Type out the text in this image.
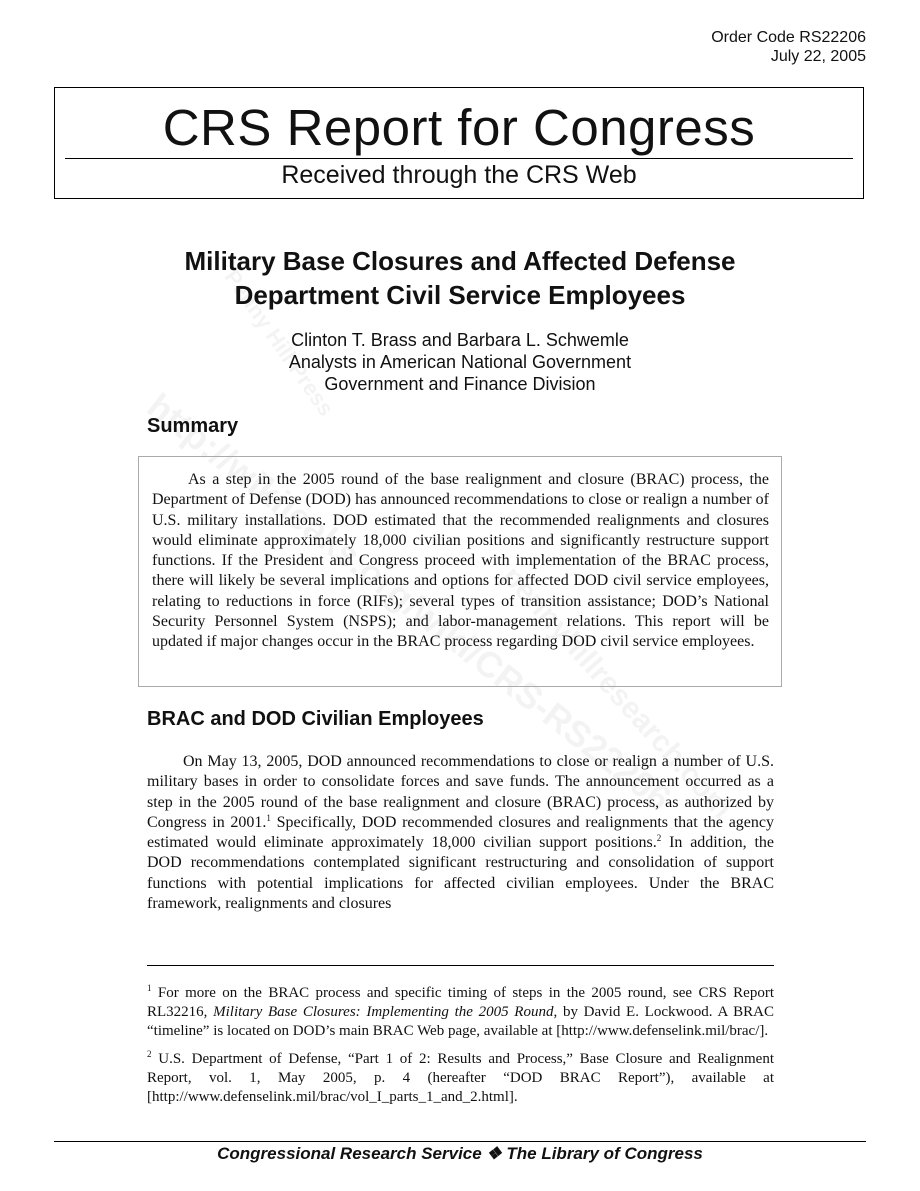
Order Code RS22206
July 22, 2005
CRS Report for Congress
Received through the CRS Web
Military Base Closures and Affected Defense
Department Civil Service Employees
Clinton T. Brass and Barbara L. Schwemle
Analysts in American National Government
Government and Finance Division
Summary

As a step in the 2005 round of the base realignment and closure (BRAC) process, the Department of Defense (DOD) has announced recommendations to close or realign a number of U.S. military installations. DOD estimated that the recommended realignments and closures would eliminate approximately 18,000 civilian positions and significantly restructure support functions. If the President and Congress proceed with implementation of the BRAC process, there will likely be several implications and options for affected DOD civil service employees, relating to reductions in force (RIFs); several types of transition assistance; DOD’s National Security Personnel System (NSPS); and labor-management relations. This report will be updated if major changes occur in the BRAC process regarding DOD civil service employees.

BRAC and DOD Civilian Employees

On May 13, 2005, DOD announced recommendations to close or realign a number of U.S. military bases in order to consolidate forces and save funds. The announcement occurred as a step in the 2005 round of the base realignment and closure (BRAC) process, as authorized by Congress in 2001.$^1$ Specifically, DOD recommended closures and realignments that the agency estimated would eliminate approximately 18,000 civilian support positions.$^2$ In addition, the DOD recommendations contemplated significant restructuring and consolidation of support functions with potential implications for affected civilian employees. Under the BRAC framework, realignments and closures

$^1$ For more on the BRAC process and specific timing of steps in the 2005 round, see CRS Report RL32216, Military Base Closures: Implementing the 2005 Round, by David E. Lockwood. A BRAC “timeline” is located on DOD’s main BRAC Web page, available at [http://www.defenselink.mil/brac/].

$^2$ U.S. Department of Defense, “Part 1 of 2: Results and Process,” Base Closure and Realignment Report, vol. 1, May 2005, p. 4 (hereafter “DOD BRAC Report”), available at [http://www.defenselink.mil/brac/vol_I_parts_1_and_2.html].

Congressional Research Service ❖ The Library of Congress
